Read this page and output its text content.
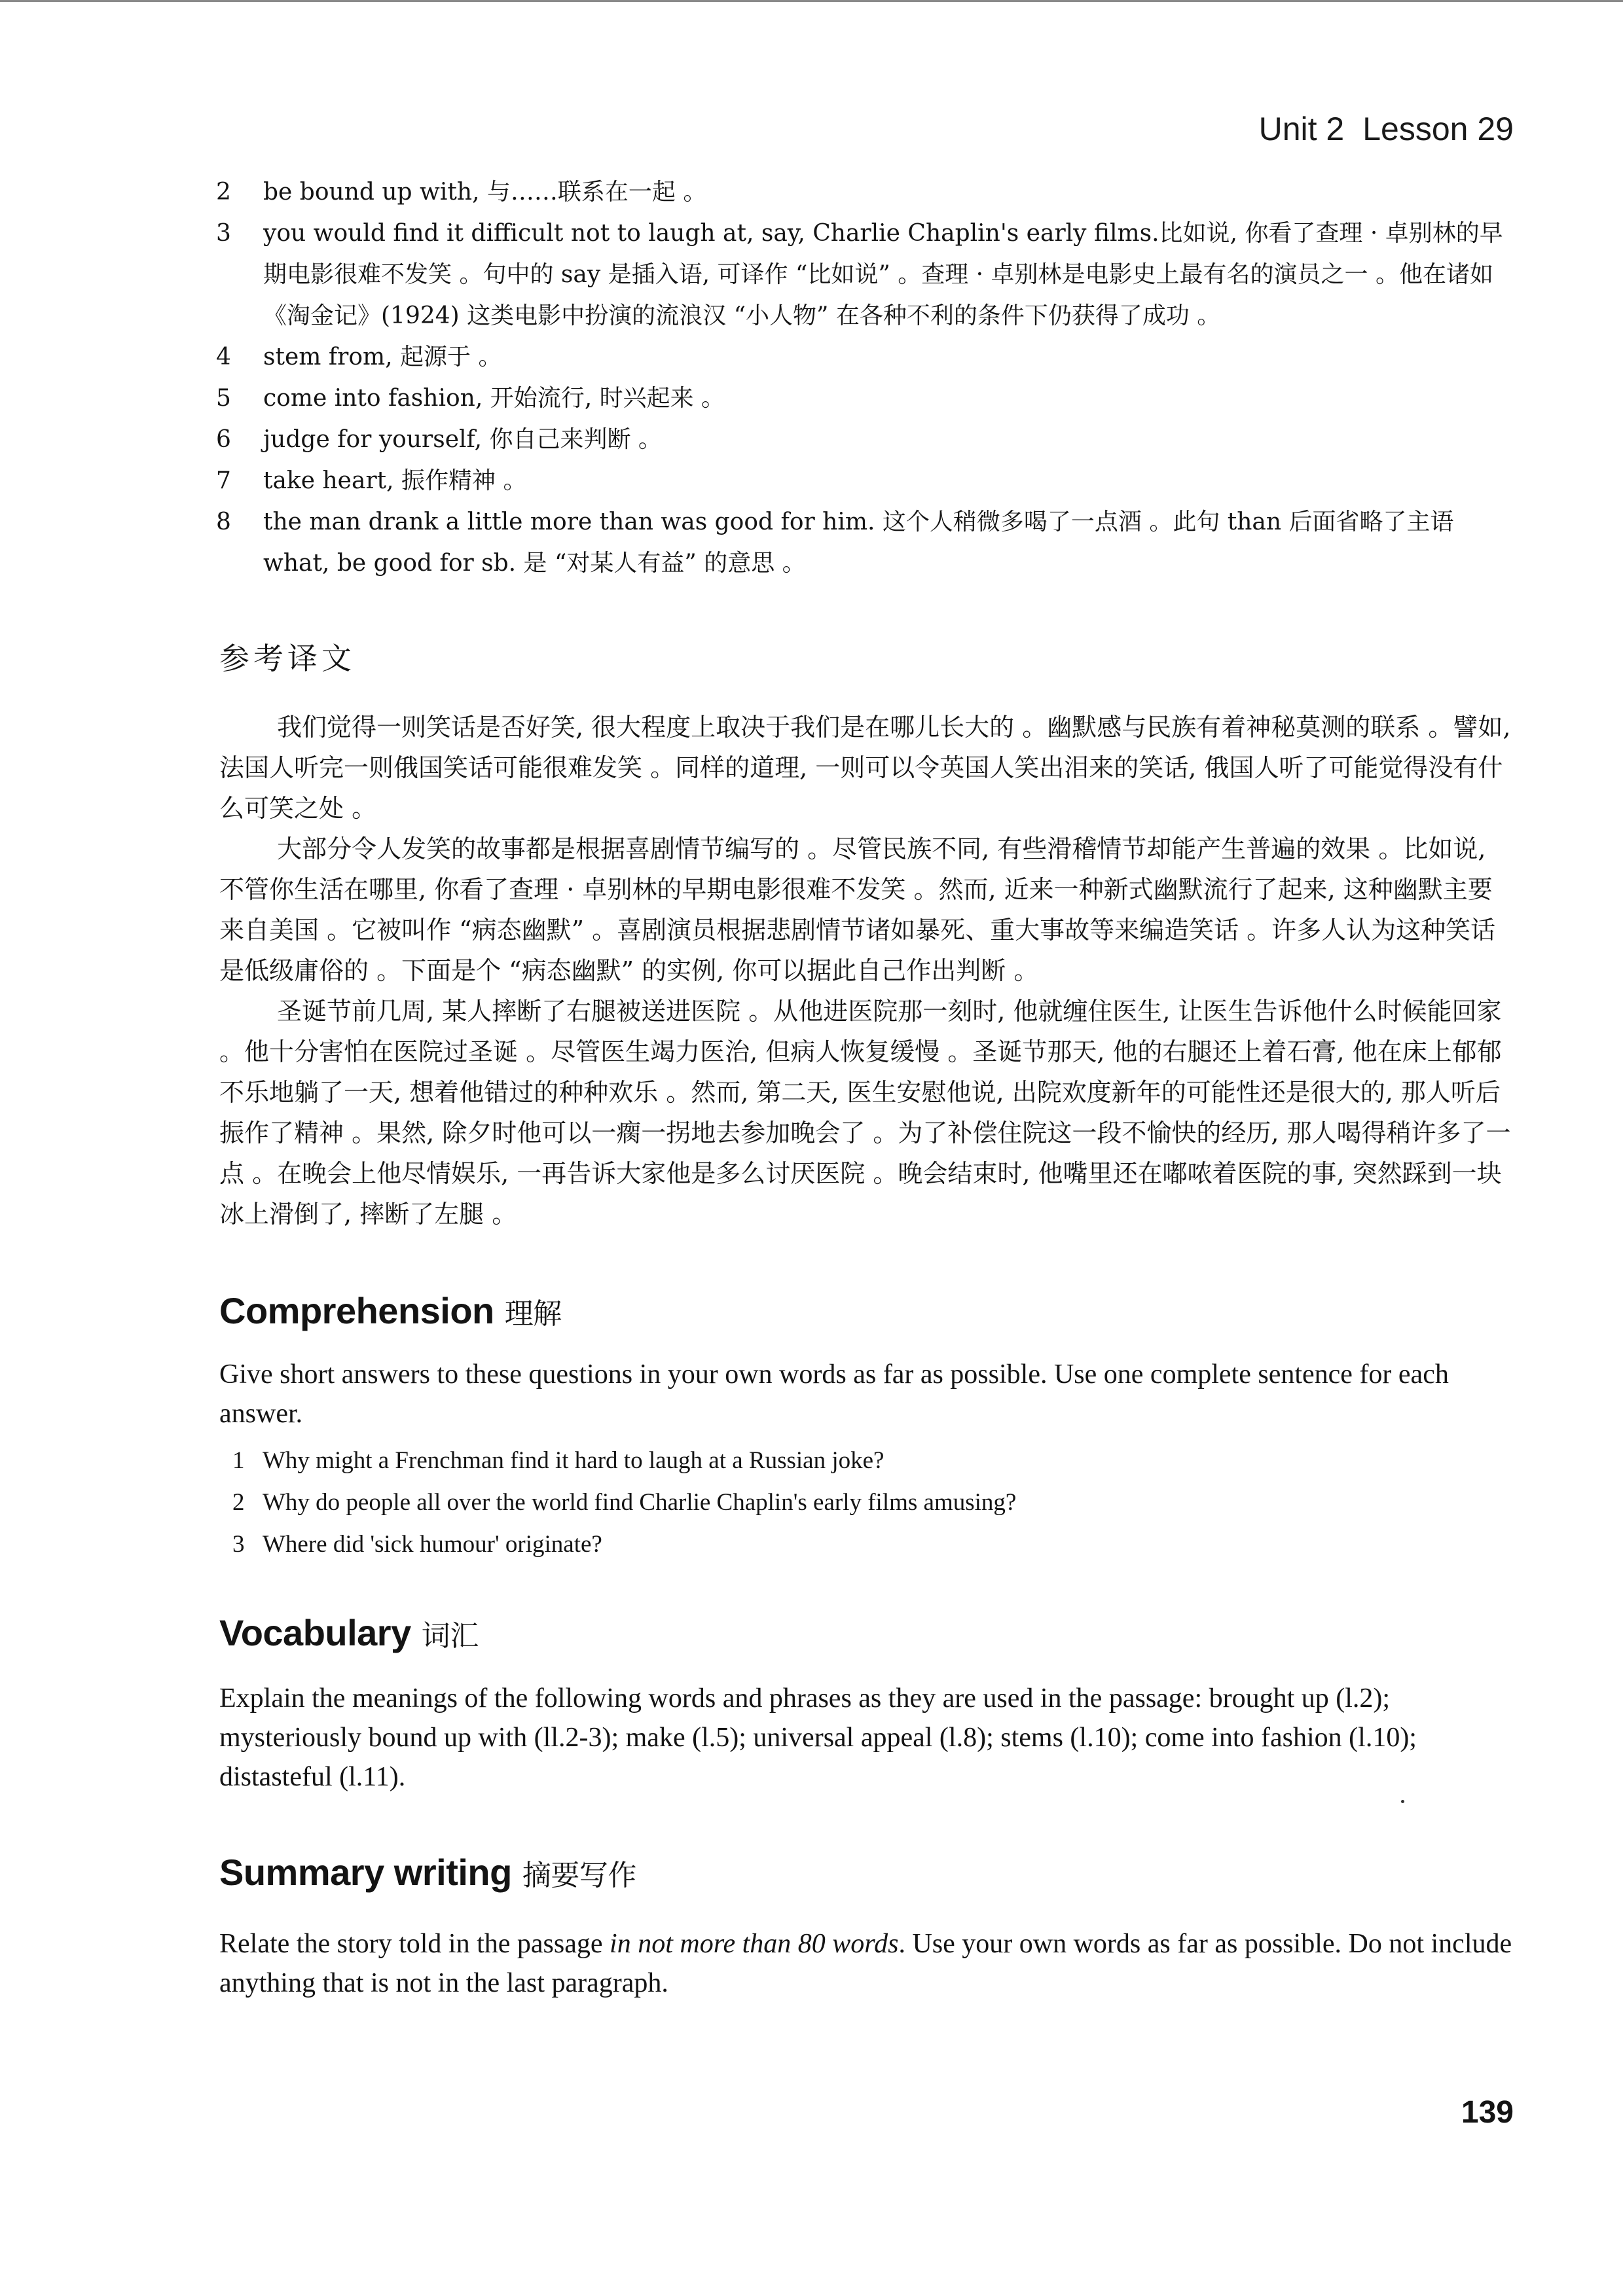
Unit 2 Lesson 29
2	be bound up with, 与……联系在一起 。
3	you would find it difficult not to laugh at, say, Charlie Chaplin's early films.比如说, 你看了查理 · 卓别林的早期电影很难不发笑 。句中的 say 是插入语, 可译作 “比如说” 。查理 · 卓别林是电影史上最有名的演员之一 。他在诸如《淘金记》(1924) 这类电影中扮演的流浪汉 “小人物” 在各种不利的条件下仍获得了成功 。
4	stem from, 起源于 。
5	come into fashion, 开始流行, 时兴起来 。
6	judge for yourself, 你自己来判断 。
7	take heart, 振作精神 。
8	the man drank a little more than was good for him. 这个人稍微多喝了一点酒 。此句 than 后面省略了主语what, be good for sb. 是 “对某人有益” 的意思 。
参考译文

我们觉得一则笑话是否好笑, 很大程度上取决于我们是在哪儿长大的 。幽默感与民族有着神秘莫测的联系 。譬如, 法国人听完一则俄国笑话可能很难发笑 。同样的道理, 一则可以令英国人笑出泪来的笑话, 俄国人听了可能觉得没有什么可笑之处 。

大部分令人发笑的故事都是根据喜剧情节编写的 。尽管民族不同, 有些滑稽情节却能产生普遍的效果 。比如说, 不管你生活在哪里, 你看了查理 · 卓别林的早期电影很难不发笑 。然而, 近来一种新式幽默流行了起来, 这种幽默主要来自美国 。它被叫作 “病态幽默” 。喜剧演员根据悲剧情节诸如暴死、重大事故等来编造笑话 。许多人认为这种笑话是低级庸俗的 。下面是个 “病态幽默” 的实例, 你可以据此自己作出判断 。

圣诞节前几周, 某人摔断了右腿被送进医院 。从他进医院那一刻时, 他就缠住医生, 让医生告诉他什么时候能回家 。他十分害怕在医院过圣诞 。尽管医生竭力医治, 但病人恢复缓慢 。圣诞节那天, 他的右腿还上着石膏, 他在床上郁郁不乐地躺了一天, 想着他错过的种种欢乐 。然而, 第二天, 医生安慰他说, 出院欢度新年的可能性还是很大的, 那人听后振作了精神 。果然, 除夕时他可以一瘸一拐地去参加晚会了 。为了补偿住院这一段不愉快的经历, 那人喝得稍许多了一点 。在晚会上他尽情娱乐, 一再告诉大家他是多么讨厌医院 。晚会结束时, 他嘴里还在嘟哝着医院的事, 突然踩到一块冰上滑倒了, 摔断了左腿 。

Comprehension 理解

Give short answers to these questions in your own words as far as possible. Use one complete sentence for each answer.

1 Why might a Frenchman find it hard to laugh at a Russian joke?
2 Why do people all over the world find Charlie Chaplin's early films amusing?
3 Where did 'sick humour' originate?
Vocabulary 词汇

Explain the meanings of the following words and phrases as they are used in the passage: brought up (l.2); mysteriously bound up with (ll.2-3); make (l.5); universal appeal (l.8); stems (l.10); come into fashion (l.10); distasteful (l.11).

Summary writing 摘要写作

Relate the story told in the passage in not more than 80 words. Use your own words as far as possible. Do not include anything that is not in the last paragraph.

139
